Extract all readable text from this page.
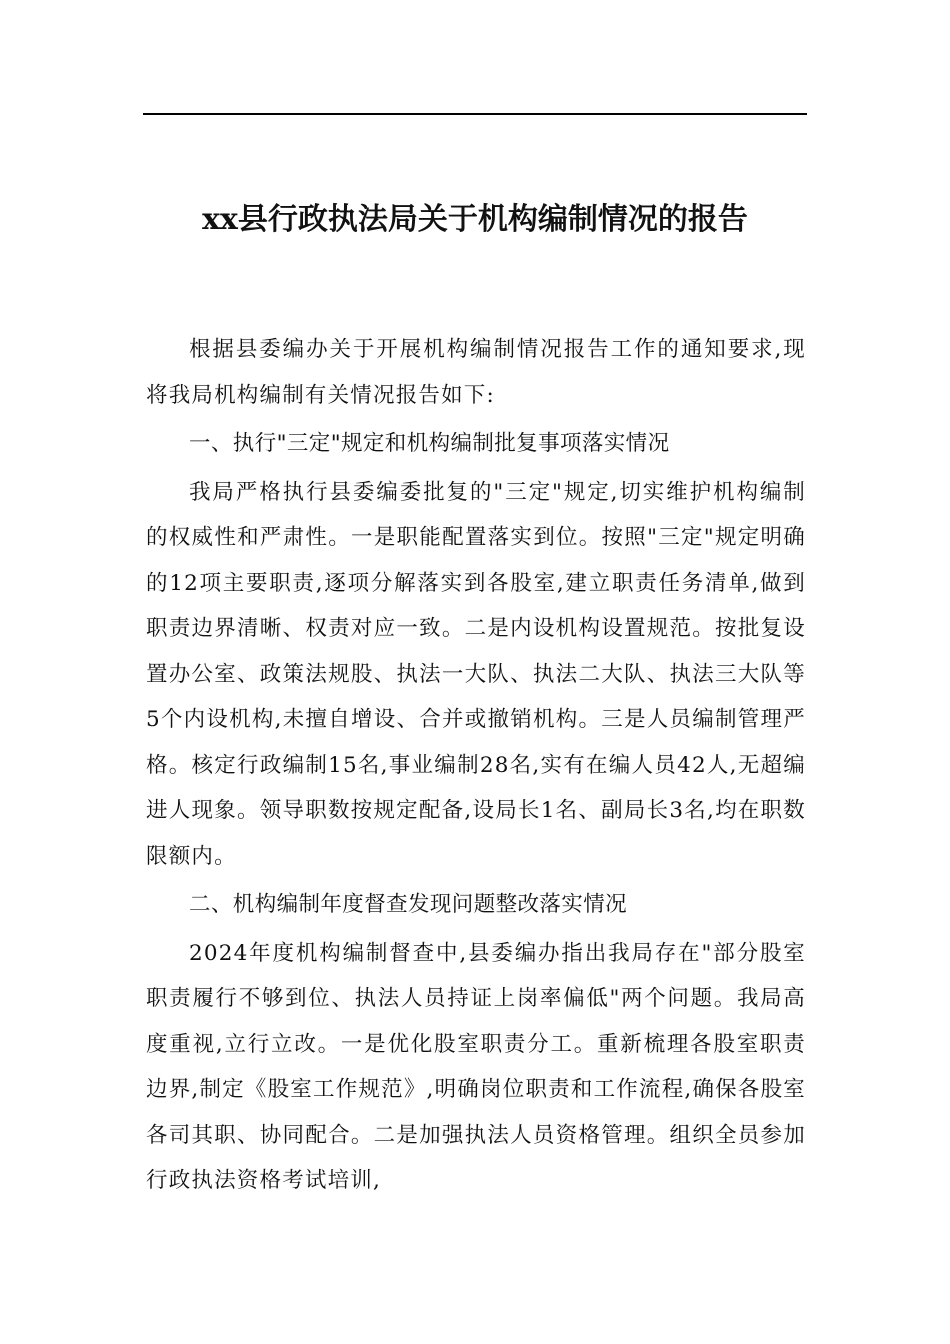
xx县行政执法局关于机构编制情况的报告

根据县委编办关于开展机构编制情况报告工作的通知要求,现将我局机构编制有关情况报告如下:

一、执行"三定"规定和机构编制批复事项落实情况

我局严格执行县委编委批复的"三定"规定,切实维护机构编制的权威性和严肃性。一是职能配置落实到位。按照"三定"规定明确的12项主要职责,逐项分解落实到各股室,建立职责任务清单,做到职责边界清晰、权责对应一致。二是内设机构设置规范。按批复设置办公室、政策法规股、执法一大队、执法二大队、执法三大队等5个内设机构,未擅自增设、合并或撤销机构。三是人员编制管理严格。核定行政编制15名,事业编制28名,实有在编人员42人,无超编进人现象。领导职数按规定配备,设局长1名、副局长3名,均在职数限额内。

二、机构编制年度督查发现问题整改落实情况

2024年度机构编制督查中,县委编办指出我局存在"部分股室职责履行不够到位、执法人员持证上岗率偏低"两个问题。我局高度重视,立行立改。一是优化股室职责分工。重新梳理各股室职责边界,制定《股室工作规范》,明确岗位职责和工作流程,确保各股室各司其职、协同配合。二是加强执法人员资格管理。组织全员参加行政执法资格考试培训,
